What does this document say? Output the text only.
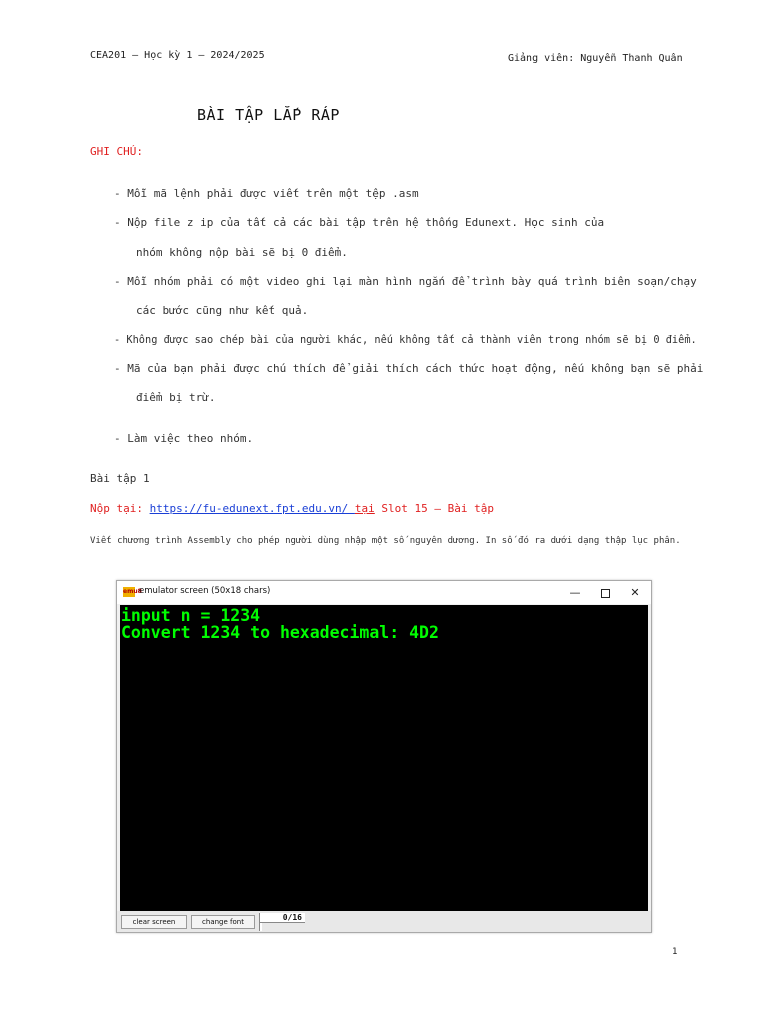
CEA201 – Học kỳ 1 – 2024/2025	Giảng viên: Nguyễn Thanh Quân
BÀI TẬP LẮP RÁP
GHI CHÚ:
- Mỗi mã lệnh phải được viết trên một tệp .asm
- Nộp file z ip của tất cả các bài tập trên hệ thống Edunext. Học sinh của
nhóm không nộp bài sẽ bị 0 điểm.
- Mỗi nhóm phải có một video ghi lại màn hình ngắn để trình bày quá trình biên soạn/chạy
các bước cũng như kết quả.
- Không được sao chép bài của người khác, nếu không tất cả thành viên trong nhóm sẽ bị 0 điểm.
- Mã của bạn phải được chú thích để giải thích cách thức hoạt động, nếu không bạn sẽ phải
điểm bị trừ.
- Làm việc theo nhóm.
Bài tập 1
Nộp tại: https://fu-edunext.fpt.edu.vn/ tại Slot 15 – Bài tập
Viết chương trình Assembly cho phép người dùng nhập một số nguyên dương. In số đó ra dưới dạng thập lục phân.
emu8
emulator screen (50x18 chars)	—	✕
input n = 1234
Convert 1234 to hexadecimal: 4D2
clear screen	change font	0/16
1
